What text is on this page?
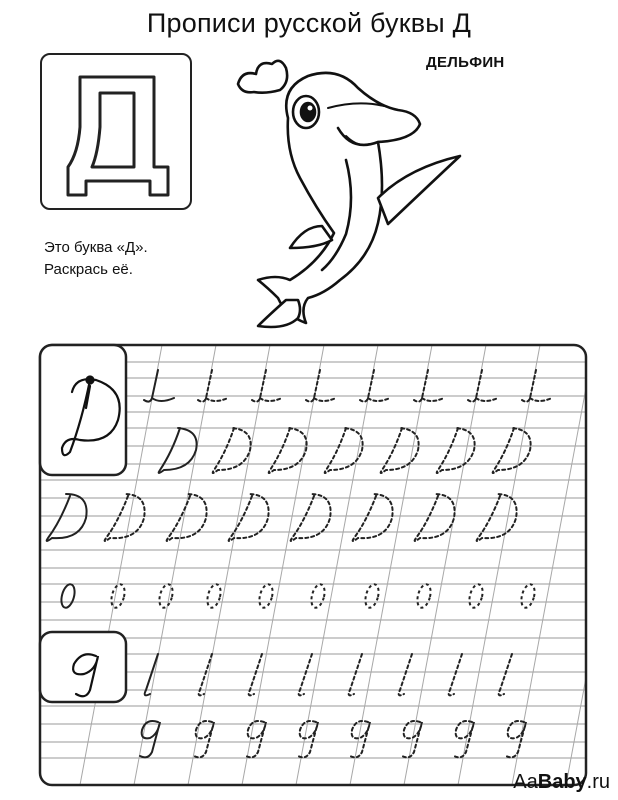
Прописи русской буквы Д
ДЕЛЬФИН
Это буква «Д».
Раскрась её.
AaBaby.ru
